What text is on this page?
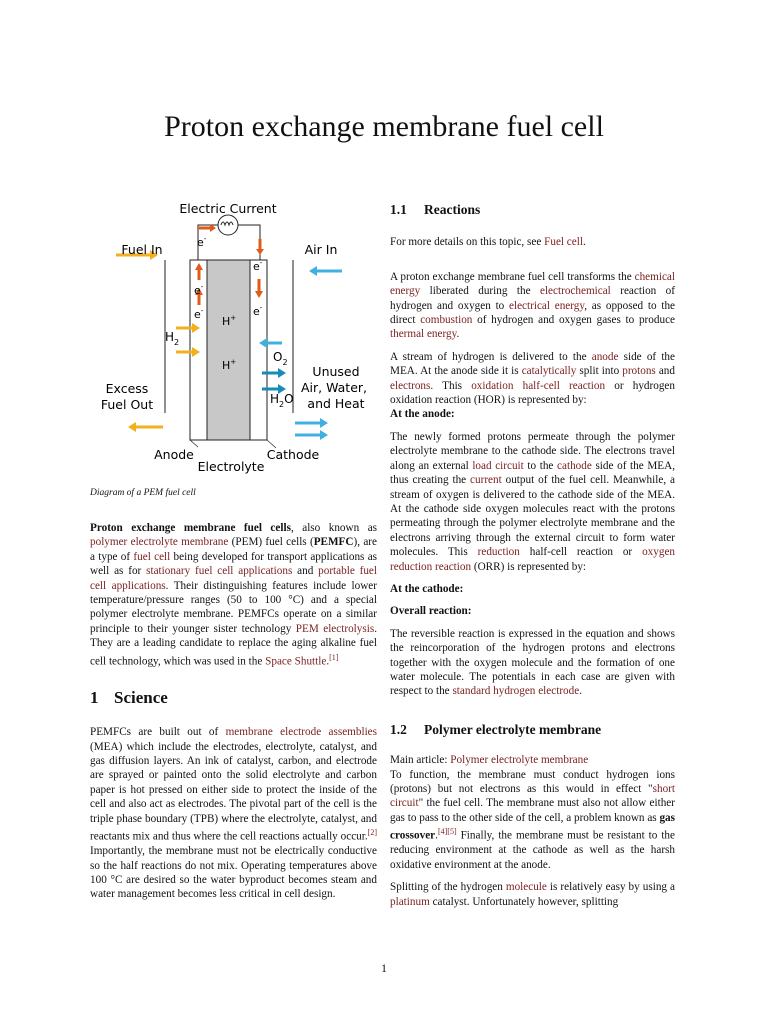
Proton exchange membrane fuel cell
Electric Current
Fuel In	Air In
e-
e-
e-
e-	e-
H+
H+
$H_2$
$O_2$
$H_2O$
Unused
Air, Water,
and Heat
Excess
Fuel Out
Anode	Cathode
Electrolyte
Diagram of a PEM fuel cell

Proton exchange membrane fuel cells, also known as polymer electrolyte membrane (PEM) fuel cells (PEMFC), are a type of fuel cell being developed for transport applications as well as for stationary fuel cell applications and portable fuel cell applications. Their distinguishing features include lower temperature/pressure ranges (50 to 100 °C) and a special polymer electrolyte membrane. PEMFCs operate on a similar principle to their younger sister technology PEM electrolysis. They are a leading candidate to replace the aging alkaline fuel cell technology, which was used in the Space Shuttle.[1]

1 Science

PEMFCs are built out of membrane electrode assemblies (MEA) which include the electrodes, electrolyte, catalyst, and gas diffusion layers. An ink of catalyst, carbon, and electrode are sprayed or painted onto the solid electrolyte and carbon paper is hot pressed on either side to protect the inside of the cell and also act as electrodes. The pivotal part of the cell is the triple phase boundary (TPB) where the electrolyte, catalyst, and reactants mix and thus where the cell reactions actually occur.[2] Importantly, the membrane must not be electrically conductive so the half reactions do not mix. Operating temperatures above 100 °C are desired so the water byproduct becomes steam and water management becomes less critical in cell design.

1.1 Reactions

For more details on this topic, see Fuel cell.

A proton exchange membrane fuel cell transforms the chemical energy liberated during the electrochemical reaction of hydrogen and oxygen to electrical energy, as opposed to the direct combustion of hydrogen and oxygen gases to produce thermal energy.

A stream of hydrogen is delivered to the anode side of the MEA. At the anode side it is catalytically split into protons and electrons. This oxidation half-cell reaction or hydrogen oxidation reaction (HOR) is represented by:

At the anode:

The newly formed protons permeate through the polymer electrolyte membrane to the cathode side. The electrons travel along an external load circuit to the cathode side of the MEA, thus creating the current output of the fuel cell. Meanwhile, a stream of oxygen is delivered to the cathode side of the MEA. At the cathode side oxygen molecules react with the protons permeating through the polymer electrolyte membrane and the electrons arriving through the external circuit to form water molecules. This reduction half-cell reaction or oxygen reduction reaction (ORR) is represented by:

At the cathode:

Overall reaction:

The reversible reaction is expressed in the equation and shows the reincorporation of the hydrogen protons and electrons together with the oxygen molecule and the formation of one water molecule. The potentials in each case are given with respect to the standard hydrogen electrode.

1.2 Polymer electrolyte membrane

Main article: Polymer electrolyte membrane

To function, the membrane must conduct hydrogen ions (protons) but not electrons as this would in effect "short circuit" the fuel cell. The membrane must also not allow either gas to pass to the other side of the cell, a problem known as gas crossover.[4][5] Finally, the membrane must be resistant to the reducing environment at the cathode as well as the harsh oxidative environment at the anode.

Splitting of the hydrogen molecule is relatively easy by using a platinum catalyst. Unfortunately however, splitting

1
